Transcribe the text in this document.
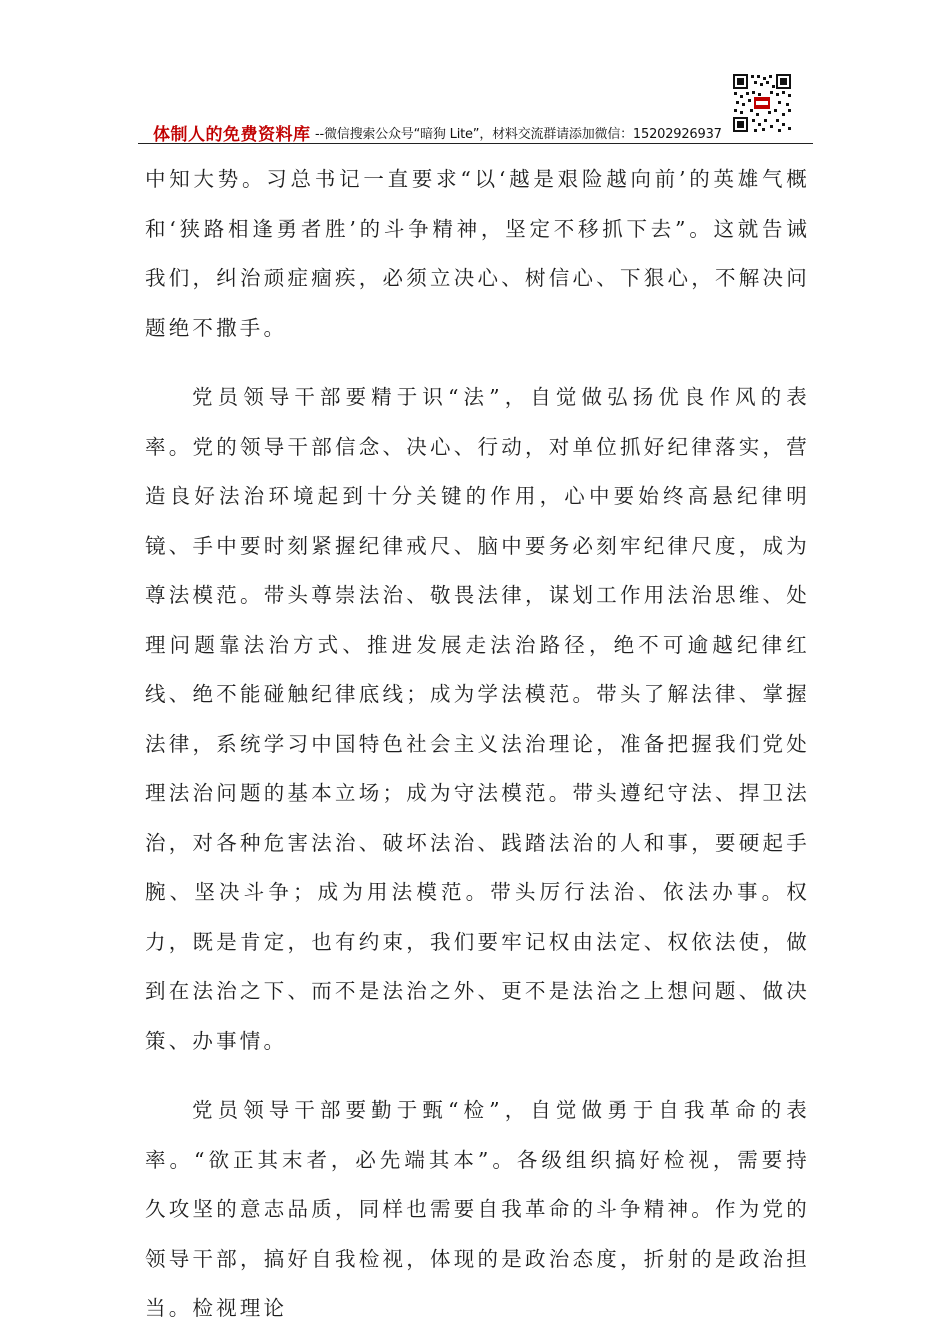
体制人的免费资料库 --微信搜索公众号“暗狗 Lite”，材料交流群请添加微信：15202926937

中知大势。习总书记一直要求“以‘越是艰险越向前’的英雄气概和‘狭路相逢勇者胜’的斗争精神，坚定不移抓下去”。这就告诫我们，纠治顽症痼疾，必须立决心、树信心、下狠心，不解决问题绝不撒手。

党员领导干部要精于识“法”，自觉做弘扬优良作风的表率。党的领导干部信念、决心、行动，对单位抓好纪律落实，营造良好法治环境起到十分关键的作用，心中要始终高悬纪律明镜、手中要时刻紧握纪律戒尺、脑中要务必刻牢纪律尺度，成为尊法模范。带头尊崇法治、敬畏法律，谋划工作用法治思维、处理问题靠法治方式、推进发展走法治路径，绝不可逾越纪律红线、绝不能碰触纪律底线；成为学法模范。带头了解法律、掌握法律，系统学习中国特色社会主义法治理论，准备把握我们党处理法治问题的基本立场；成为守法模范。带头遵纪守法、捍卫法治，对各种危害法治、破坏法治、践踏法治的人和事，要硬起手腕、坚决斗争；成为用法模范。带头厉行法治、依法办事。权力，既是肯定，也有约束，我们要牢记权由法定、权依法使，做到在法治之下、而不是法治之外、更不是法治之上想问题、做决策、办事情。

党员领导干部要勤于甄“检”，自觉做勇于自我革命的表率。“欲正其末者，必先端其本”。各级组织搞好检视，需要持久攻坚的意志品质，同样也需要自我革命的斗争精神。作为党的领导干部，搞好自我检视，体现的是政治态度，折射的是政治担当。检视理论
